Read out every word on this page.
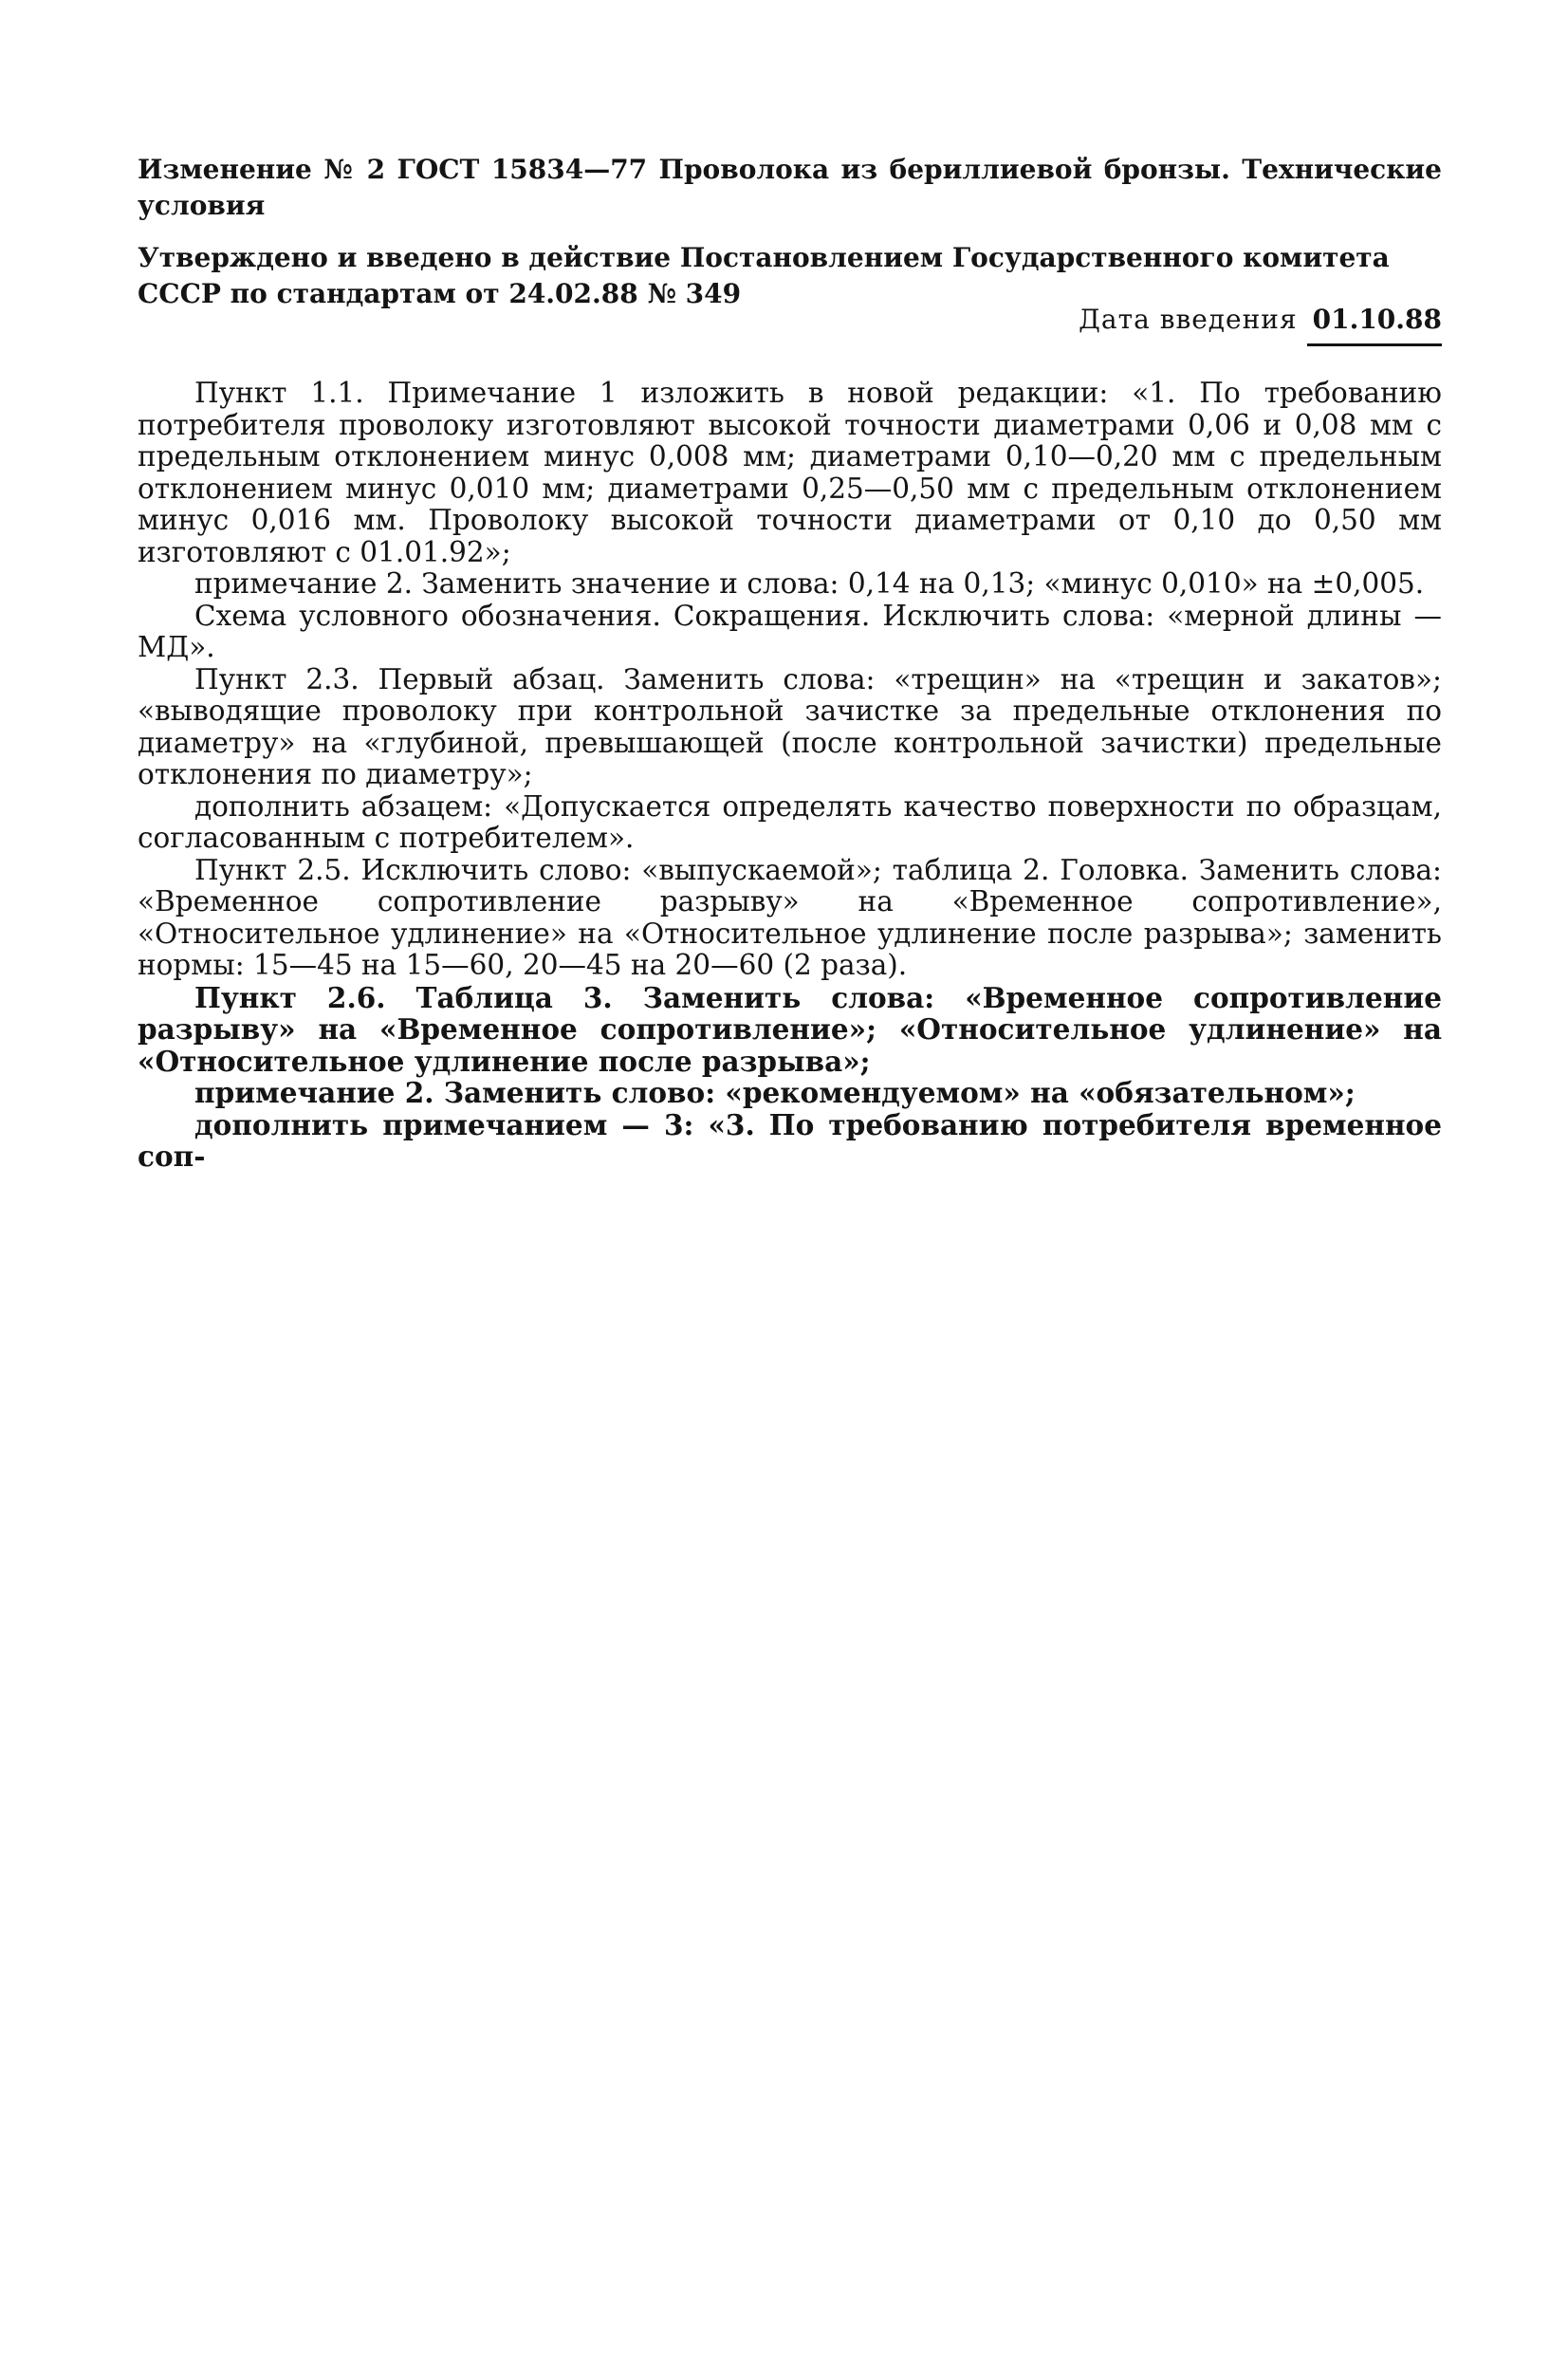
Изменение № 2 ГОСТ 15834—77 Проволока из бериллиевой бронзы. Технические условия
Утверждено и введено в действие Постановлением Государственного комитета СССР по стандартам от 24.02.88 № 349
Дата введения 01.10.88

Пункт 1.1. Примечание 1 изложить в новой редакции: «1. По требованию потребителя проволоку изготовляют высокой точности диаметрами 0,06 и 0,08 мм с предельным отклонением минус 0,008 мм; диаметрами 0,10—0,20 мм с предельным отклонением минус 0,010 мм; диаметрами 0,25—0,50 мм с предельным отклонением минус 0,016 мм. Проволоку высокой точности диаметрами от 0,10 до 0,50 мм изготовляют с 01.01.92»;

примечание 2. Заменить значение и слова: 0,14 на 0,13; «минус 0,010» на ±0,005.

Схема условного обозначения. Сокращения. Исключить слова: «мерной длины — МД».

Пункт 2.3. Первый абзац. Заменить слова: «трещин» на «трещин и закатов»; «выводящие проволоку при контрольной зачистке за предельные отклонения по диаметру» на «глубиной, превышающей (после контрольной зачистки) предельные отклонения по диаметру»;

дополнить абзацем: «Допускается определять качество поверхности по образцам, согласованным с потребителем».

Пункт 2.5. Исключить слово: «выпускаемой»; таблица 2. Головка. Заменить слова: «Временное сопротивление разрыву» на «Временное сопротивление», «Относительное удлинение» на «Относительное удлинение после разрыва»; заменить нормы: 15—45 на 15—60, 20—45 на 20—60 (2 раза).

Пункт 2.6. Таблица 3. Заменить слова: «Временное сопротивление разрыву» на «Временное сопротивление»; «Относительное удлинение» на «Относительное удлинение после разрыва»;

примечание 2. Заменить слово: «рекомендуемом» на «обязательном»;

дополнить примечанием — 3: «3. По требованию потребителя временное соп-
